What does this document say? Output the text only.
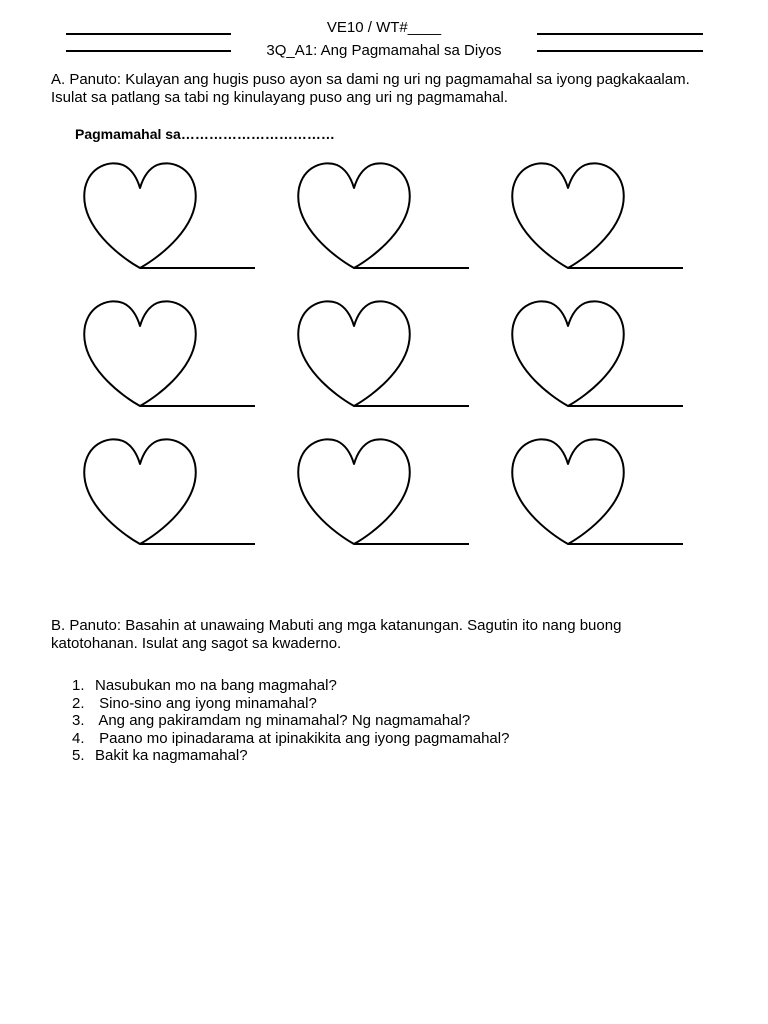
VE10 / WT#____
3Q_A1: Ang Pagmamahal sa Diyos
A. Panuto: Kulayan ang hugis puso ayon sa dami ng uri ng pagmamahal sa iyong pagkakaalam. Isulat sa patlang sa tabi ng kinulayang puso ang uri ng pagmamahal.
Pagmamahal sa……………………………
B. Panuto: Basahin at unawaing Mabuti ang mga katanungan. Sagutin ito nang buong katotohanan. Isulat ang sagot sa kwaderno.
1. Nasubukan mo na bang magmahal?
2. Sino-sino ang iyong minamahal?
3. Ang ang pakiramdam ng minamahal? Ng nagmamahal?
4. Paano mo ipinadarama at ipinakikita ang iyong pagmamahal?
5. Bakit ka nagmamahal?
